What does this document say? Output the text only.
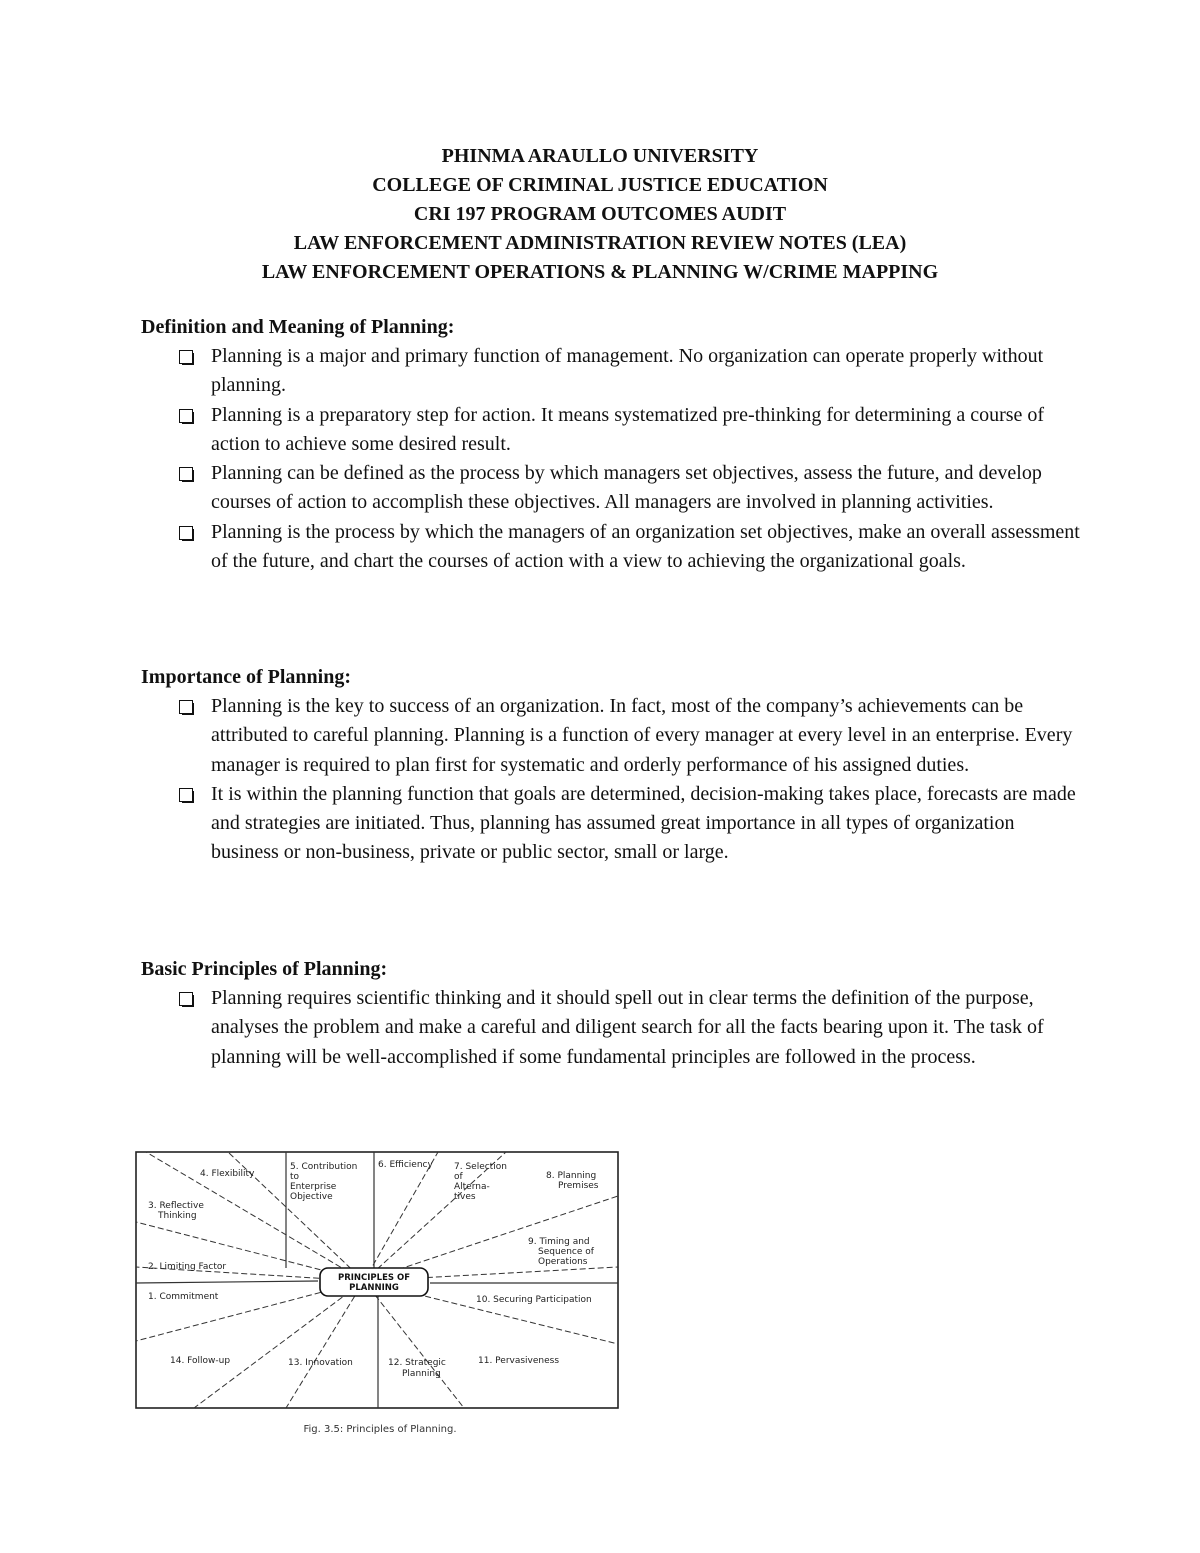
PHINMA ARAULLO UNIVERSITY
COLLEGE OF CRIMINAL JUSTICE EDUCATION
CRI 197 PROGRAM OUTCOMES AUDIT
LAW ENFORCEMENT ADMINISTRATION REVIEW NOTES (LEA)
LAW ENFORCEMENT OPERATIONS & PLANNING W/CRIME MAPPING

Definition and Meaning of Planning:

Planning is a major and primary function of management. No organization can operate properly without planning.
Planning is a preparatory step for action. It means systematized pre-thinking for determining a course of action to achieve some desired result.
Planning can be defined as the process by which managers set objectives, assess the future, and develop courses of action to accomplish these objectives. All managers are involved in planning activities.
Planning is the process by which the managers of an organization set objectives, make an overall assessment of the future, and chart the courses of action with a view to achieving the organizational goals.

Importance of Planning:

Planning is the key to success of an organization. In fact, most of the company’s achievements can be attributed to careful planning. Planning is a function of every manager at every level in an enterprise. Every manager is required to plan first for systematic and orderly performance of his assigned duties.
It is within the planning function that goals are determined, decision-making takes place, forecasts are made and strategies are initiated. Thus, planning has assumed great importance in all types of organization business or non-business, private or public sector, small or large.

Basic Principles of Planning:

Planning requires scientific thinking and it should spell out in clear terms the definition of the purpose, analyses the problem and make a careful and diligent search for all the facts bearing upon it. The task of planning will be well-accomplished if some fundamental principles are followed in the process.
PRINCIPLES OF
PLANNING
4. Flexibility
5. Contribution
to
Enterprise
Objective
6. Efficiency 7. Selection
of
Alterna-
tives
8. Planning
Premises
3. Reflective
Thinking
9. Timing and
Sequence of
Operations
2. Limiting Factor
1. Commitment	10. Securing Participation
14. Follow-up	13. Innovation	12. Strategic
Planning
11. Pervasiveness
Fig. 3.5: Principles of Planning.
